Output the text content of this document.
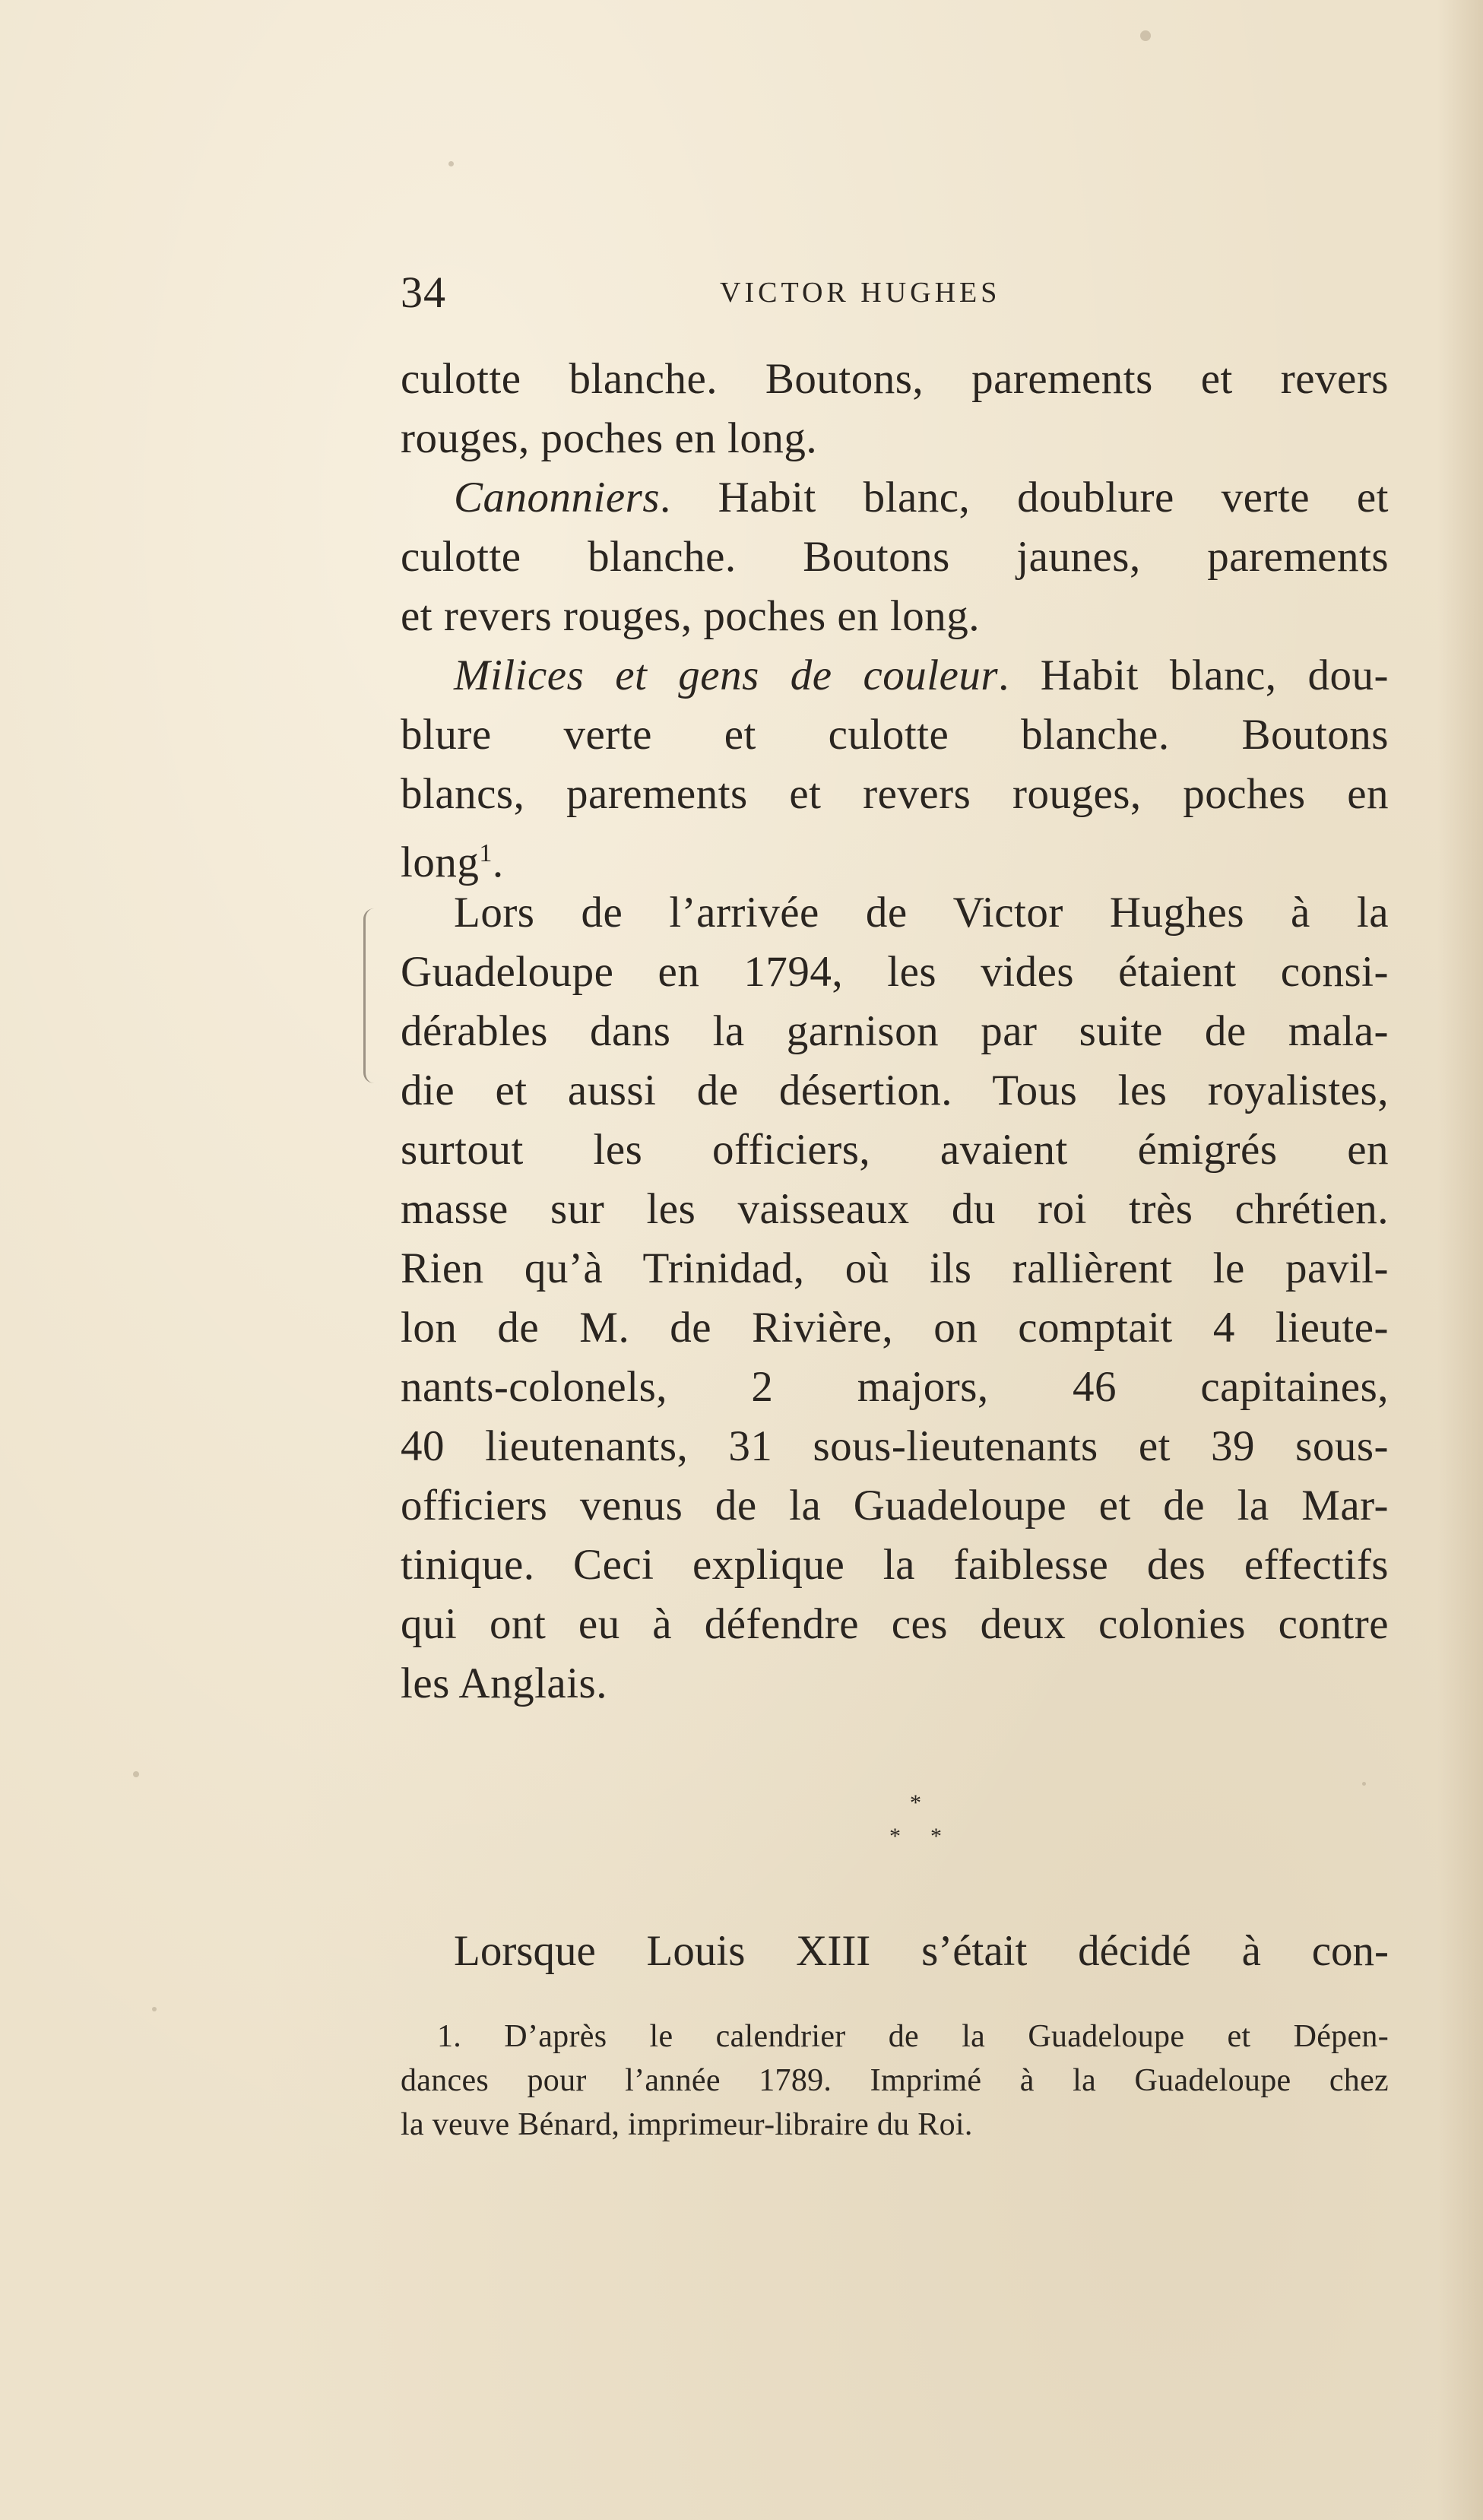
34	VICTOR HUGHES
culotte blanche. Boutons, parements et revers
rouges, poches en long.
Canonniers. Habit blanc, doublure verte et
culotte blanche. Boutons jaunes, parements
et revers rouges, poches en long.
Milices et gens de couleur. Habit blanc, dou-
blure verte et culotte blanche. Boutons
blancs, parements et revers rouges, poches en
long$^1$.
Lors de l’arrivée de Victor Hughes à la
Guadeloupe en 1794, les vides étaient consi-
dérables dans la garnison par suite de mala-
die et aussi de désertion. Tous les royalistes,
surtout les officiers, avaient émigrés en
masse sur les vaisseaux du roi très chrétien.
Rien qu’à Trinidad, où ils rallièrent le pavil-
lon de M. de Rivière, on comptait 4 lieute-
nants-colonels, 2 majors, 46 capitaines,
40 lieutenants, 31 sous-lieutenants et 39 sous-
officiers venus de la Guadeloupe et de la Mar-
tinique. Ceci explique la faiblesse des effectifs
qui ont eu à défendre ces deux colonies contre
les Anglais.
*
* *
Lorsque Louis XIII s’était décidé à con-
1. D’après le calendrier de la Guadeloupe et Dépen-
dances pour l’année 1789. Imprimé à la Guadeloupe chez
la veuve Bénard, imprimeur-libraire du Roi.
